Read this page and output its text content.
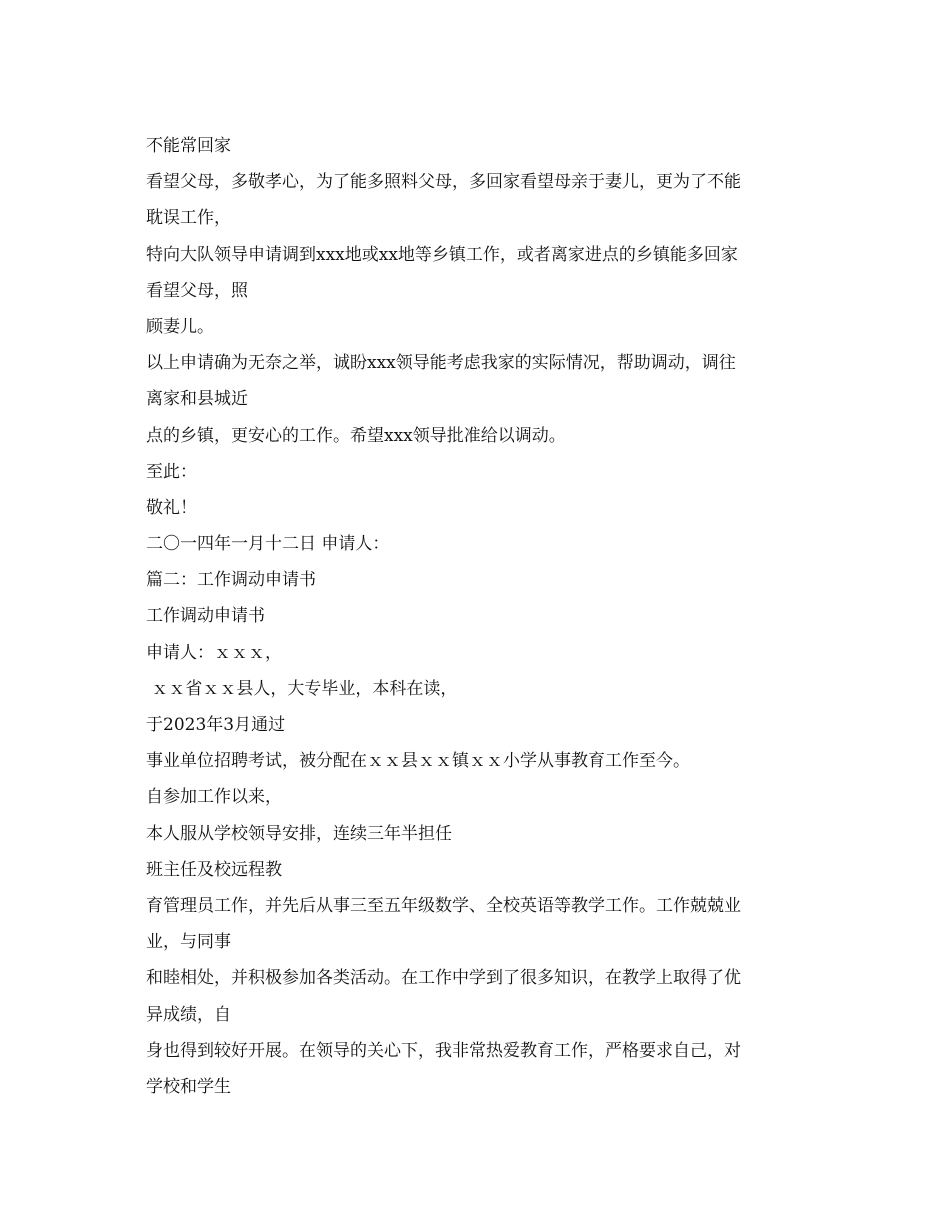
不能常回家
看望父母，多敬孝心，为了能多照料父母，多回家看望母亲于妻儿，更为了不能
耽误工作，
特向大队领导申请调到xxx地或xx地等乡镇工作，或者离家进点的乡镇能多回家
看望父母，照
顾妻儿。
以上申请确为无奈之举，诚盼xxx领导能考虑我家的实际情况，帮助调动，调往
离家和县城近
点的乡镇，更安心的工作。希望xxx领导批准给以调动。
至此：
敬礼！
二〇一四年一月十二日 申请人：
篇二：工作调动申请书
工作调动申请书
申请人：ｘｘｘ，
ｘｘ省ｘｘ县人，大专毕业，本科在读，
于2023年3月通过
事业单位招聘考试，被分配在ｘｘ县ｘｘ镇ｘｘ小学从事教育工作至今。
自参加工作以来，
本人服从学校领导安排，连续三年半担任
班主任及校远程教
育管理员工作，并先后从事三至五年级数学、全校英语等教学工作。工作兢兢业
业，与同事
和睦相处，并积极参加各类活动。在工作中学到了很多知识，在教学上取得了优
异成绩，自
身也得到较好开展。在领导的关心下，我非常热爱教育工作，严格要求自己，对
学校和学生
